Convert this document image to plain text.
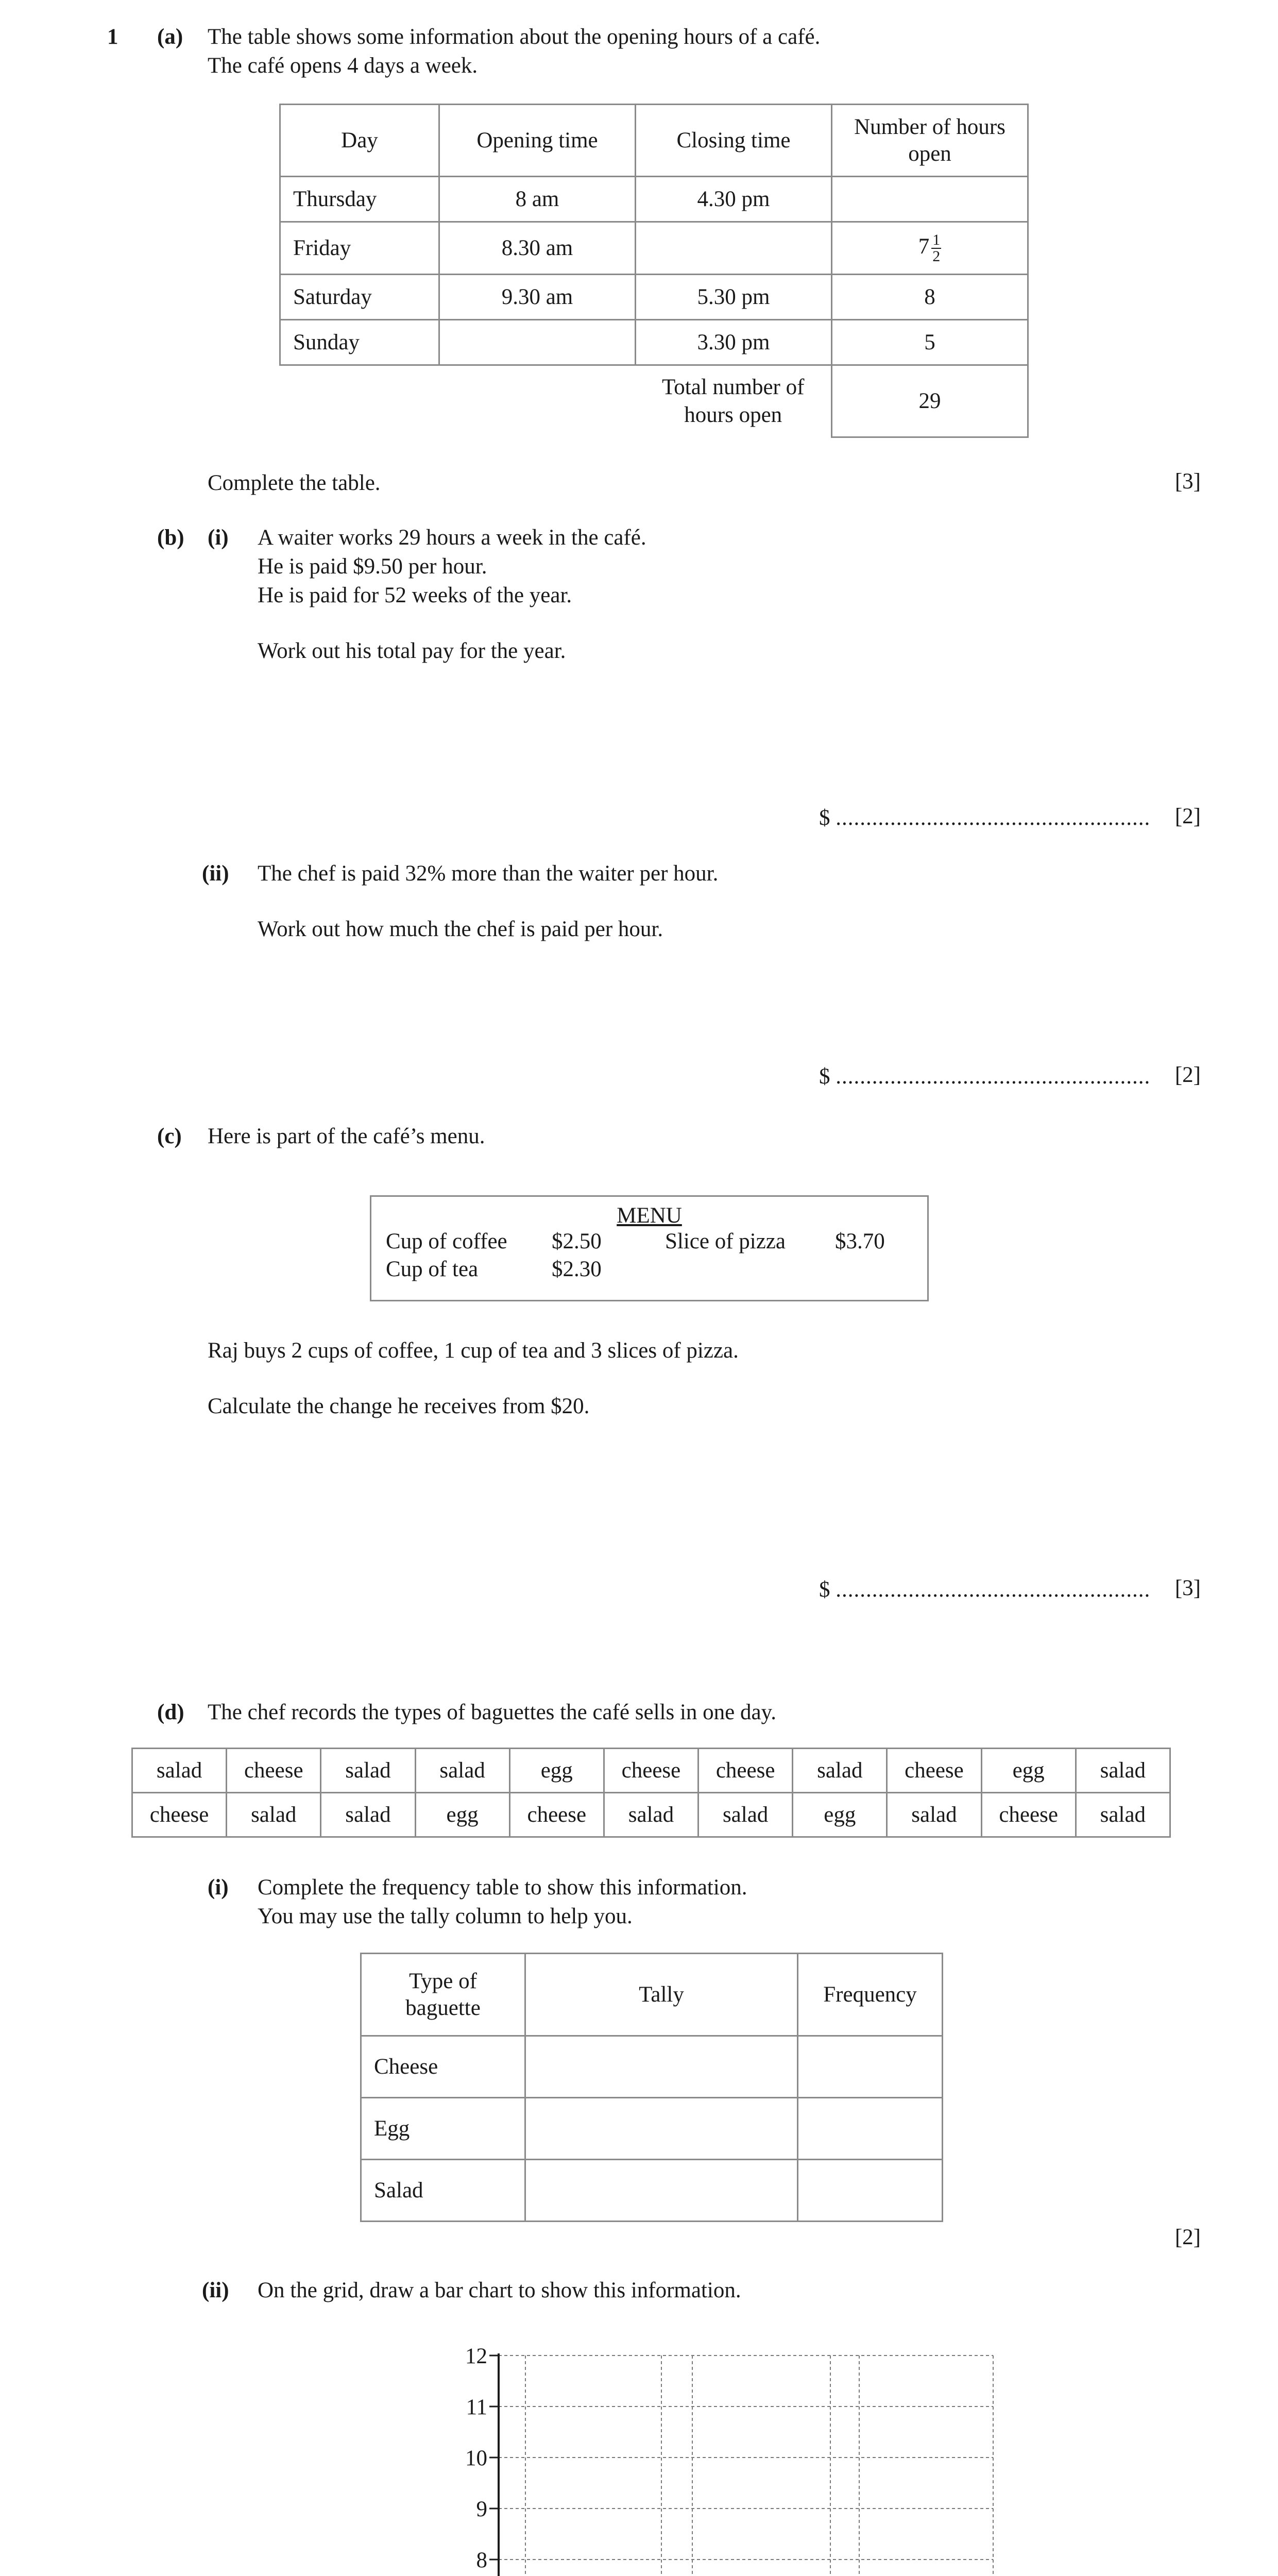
1 (a) The table shows some information about the opening hours of a café.
The café opens 4 days a week.
Day	Opening time	Closing time	Number of hours open
Thursday	8 am	4.30 pm	
Friday	8.30 am		$7 \frac{1}{2}$

Saturday	9.30 am	5.30 pm	8
Sunday		3.30 pm	5
		Total number of hours open	29
Complete the table.	[3]
(b) (i) A waiter works 29 hours a week in the café.
He is paid $9.50 per hour.
He is paid for 52 weeks of the year.
Work out his total pay for the year.
$ .................................................... [2]
(ii) The chef is paid 32% more than the waiter per hour.
Work out how much the chef is paid per hour.
$ .................................................... [2]
(c) Here is part of the café’s menu.
MENU
Cup of coffee $2.50	Slice of pizza $3.70
Cup of tea	$2.30
Raj buys 2 cups of coffee, 1 cup of tea and 3 slices of pizza.
Calculate the change he receives from $20.
$ .................................................... [3]
(d) The chef records the types of baguettes the café sells in one day.
salad	cheese	salad	salad	egg	cheese	cheese	salad	cheese	egg	salad
cheese	salad	salad	egg	cheese	salad	salad	egg	salad	cheese	salad
(i) Complete the frequency table to show this information.
You may use the tally column to help you.
Type of baguette	Tally	Frequency
Cheese		
Egg		
Salad		
[2]
(ii) On the grid, draw a bar chart to show this information.
8
9
10
11
12
